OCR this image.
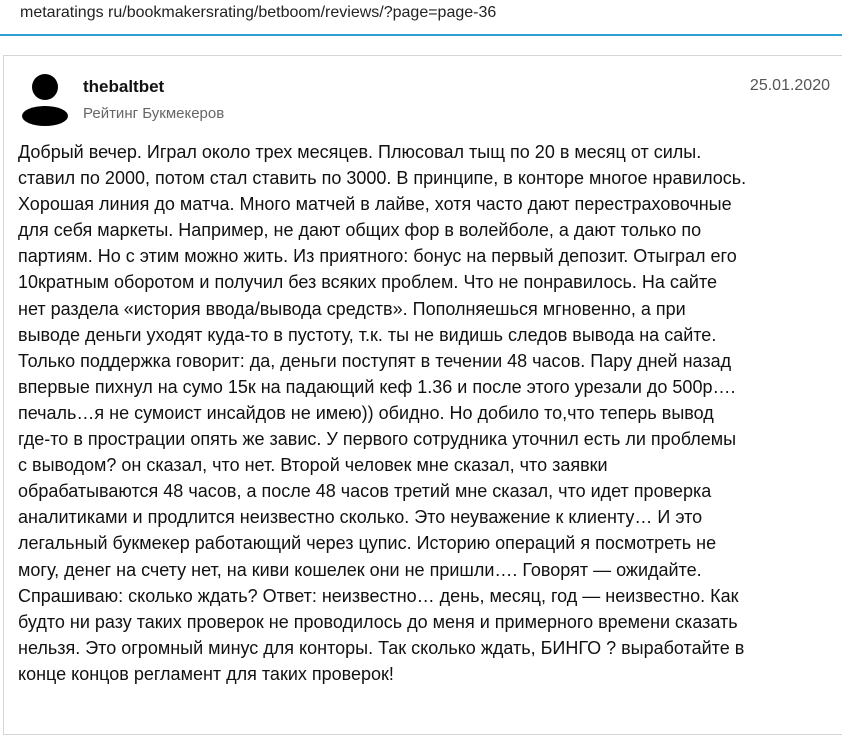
metaratings ru/bookmakersrating/betboom/reviews/?page=page-36
thebaltbet
Рейтинг Букмекеров
25.01.2020
Добрый вечер. Играл около трех месяцев. Плюсовал тыщ по 20 в месяц от силы.
ставил по 2000, потом стал ставить по 3000. В принципе, в конторе многое нравилось.
Хорошая линия до матча. Много матчей в лайве, хотя часто дают перестраховочные
для себя маркеты. Например, не дают общих фор в волейболе, а дают только по
партиям. Но с этим можно жить. Из приятного: бонус на первый депозит. Отыграл его
10кратным оборотом и получил без всяких проблем. Что не понравилось. На сайте
нет раздела «история ввода/вывода средств». Пополняешься мгновенно, а при
выводе деньги уходят куда-то в пустоту, т.к. ты не видишь следов вывода на сайте.
Только поддержка говорит: да, деньги поступят в течении 48 часов. Пару дней назад
впервые пихнул на сумо 15к на падающий кеф 1.36 и после этого урезали до 500р….
печаль…я не сумоист инсайдов не имею)) обидно. Но добило то,что теперь вывод
где-то в прострации опять же завис. У первого сотрудника уточнил есть ли проблемы
с выводом? он сказал, что нет. Второй человек мне сказал, что заявки
обрабатываются 48 часов, а после 48 часов третий мне сказал, что идет проверка
аналитиками и продлится неизвестно сколько. Это неуважение к клиенту… И это
легальный букмекер работающий через цупис. Историю операций я посмотреть не
могу, денег на счету нет, на киви кошелек они не пришли…. Говорят — ожидайте.
Спрашиваю: сколько ждать? Ответ: неизвестно… день, месяц, год — неизвестно. Как
будто ни разу таких проверок не проводилось до меня и примерного времени сказать
нельзя. Это огромный минус для конторы. Так сколько ждать, БИНГО ? выработайте в
конце концов регламент для таких проверок!
